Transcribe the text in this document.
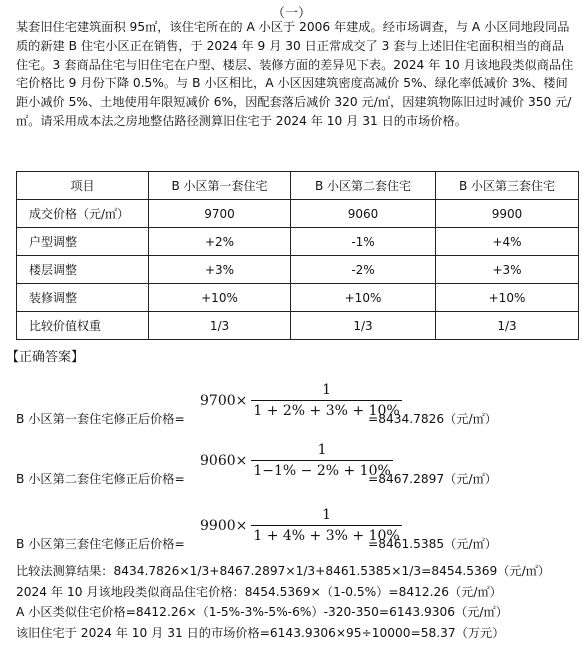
（一）

某套旧住宅建筑面积 95㎡，该住宅所在的 A 小区于 2006 年建成。经市场调查，与 A 小区同地段同品质的新建 B 住宅小区正在销售，于 2024 年 9 月 30 日正常成交了 3 套与上述旧住宅面积相当的商品住宅。3 套商品住宅与旧住宅在户型、楼层、装修方面的差异见下表。2024 年 10 月该地段类似商品住宅价格比 9 月份下降 0.5%。与 B 小区相比，A 小区因建筑密度高减价 5%、绿化率低减价 3%、楼间距小减价 5%、土地使用年限短减价 6%，因配套落后减价 320 元/㎡，因建筑物陈旧过时减价 350 元/㎡。请采用成本法之房地整估路径测算旧住宅于 2024 年 10 月 31 日的市场价格。

项目	B 小区第一套住宅	B 小区第二套住宅	B 小区第三套住宅
成交价格（元/㎡）	9700	9060	9900
户型调整	+2%	-1%	+4%
楼层调整	+3%	-2%	+3%
装修调整	+10%	+10%	+10%
比较价值权重	1/3	1/3	1/3
【正确答案】
B 小区第一套住宅修正后价格=
$9700\times \frac{1}{1 + 2\% + 3\% + 10\%}$
=8434.7826（元/㎡）
B 小区第二套住宅修正后价格=
$9060\times \frac{1}{1-1\% - 2\% + 10\%}$
=8467.2897（元/㎡）
B 小区第三套住宅修正后价格=
$9900\times \frac{1}{1 + 4\% + 3\% + 10\%}$
=8461.5385（元/㎡）
比较法测算结果：8434.7826×1/3+8467.2897×1/3+8461.5385×1/3=8454.5369（元/㎡）
2024 年 10 月该地段类似商品住宅价格：8454.5369×（1-0.5%）=8412.26（元/㎡）
A 小区类似住宅价格=8412.26×（1-5%-3%-5%-6%）-320-350=6143.9306（元/㎡）
该旧住宅于 2024 年 10 月 31 日的市场价格=6143.9306×95÷10000=58.37（万元）
